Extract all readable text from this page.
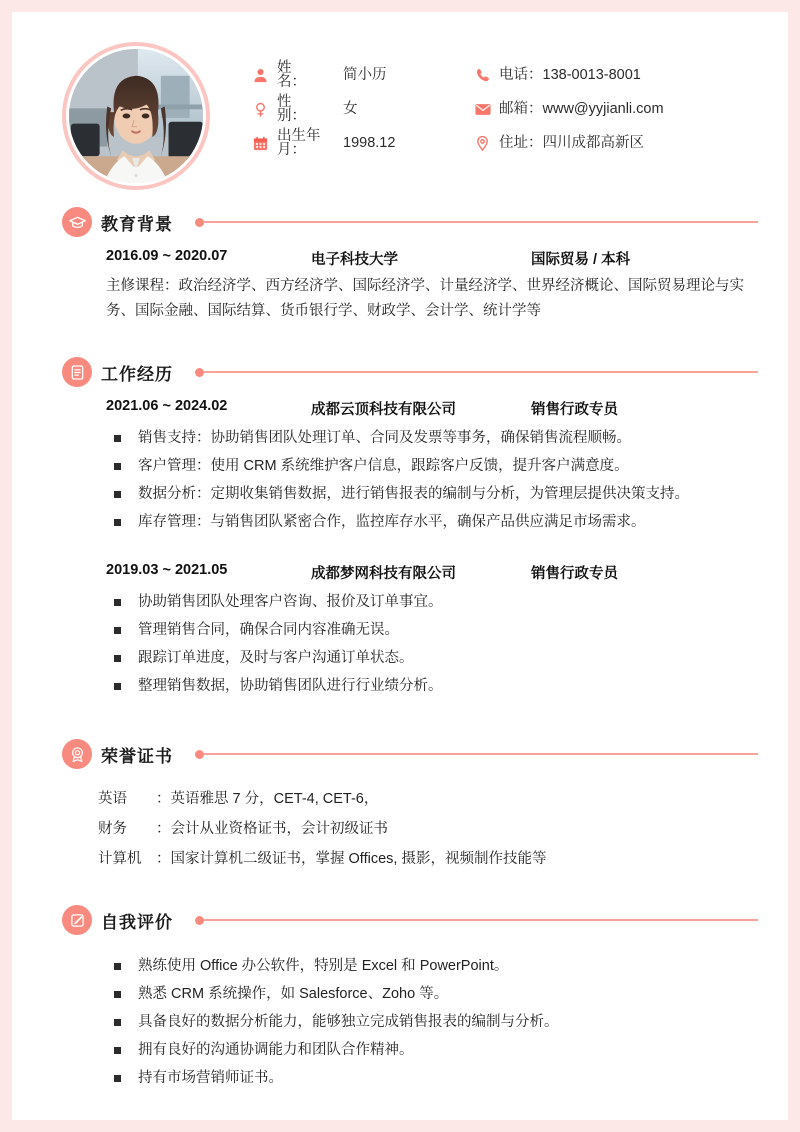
姓　　名：	简小历	电话： 138-0013-8001
性　　别：	女	邮箱： www@yyjianli.com
出生年月：	1998.12	住址： 四川成都高新区
教育背景
2016.09 ~ 2020.07	电子科技大学	国际贸易 / 本科
主修课程：政治经济学、西方经济学、国际经济学、计量经济学、世界经济概论、国际贸易理论与实务、国际金融、国际结算、货币银行学、财政学、会计学、统计学等
工作经历
2021.06 ~ 2024.02	成都云顶科技有限公司	销售行政专员
销售支持：协助销售团队处理订单、合同及发票等事务，确保销售流程顺畅。
客户管理：使用 CRM 系统维护客户信息，跟踪客户反馈，提升客户满意度。
数据分析：定期收集销售数据，进行销售报表的编制与分析，为管理层提供决策支持。
库存管理：与销售团队紧密合作，监控库存水平，确保产品供应满足市场需求。
2019.03 ~ 2021.05	成都梦网科技有限公司	销售行政专员
协助销售团队处理客户咨询、报价及订单事宜。
管理销售合同，确保合同内容准确无误。
跟踪订单进度，及时与客户沟通订单状态。
整理销售数据，协助销售团队进行行业绩分析。
荣誉证书
英语 ：英语雅思 7 分，CET-4, CET-6，
财务 ：会计从业资格证书，会计初级证书
计算机 ：国家计算机二级证书，掌握 Offices, 摄影，视频制作技能等
自我评价
熟练使用 Office 办公软件，特别是 Excel 和 PowerPoint。
熟悉 CRM 系统操作，如 Salesforce、Zoho 等。
具备良好的数据分析能力，能够独立完成销售报表的编制与分析。
拥有良好的沟通协调能力和团队合作精神。
持有市场营销师证书。
